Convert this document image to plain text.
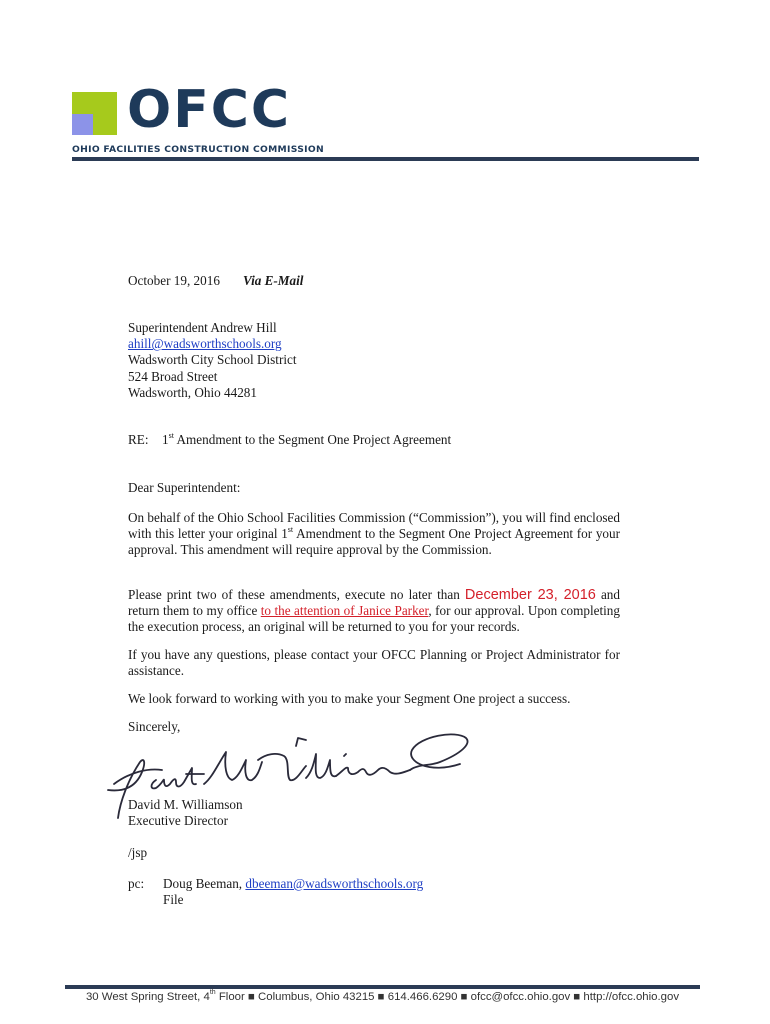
OFCC
OHIO FACILITIES CONSTRUCTION COMMISSION
October 19, 2016 Via E-Mail
Superintendent Andrew Hill
ahill@wadsworthschools.org
Wadsworth City School District
524 Broad Street
Wadsworth, Ohio 44281
RE: 1st Amendment to the Segment One Project Agreement
Dear Superintendent:
On behalf of the Ohio School Facilities Commission (“Commission”), you will find enclosed with this letter your original 1st Amendment to the Segment One Project Agreement for your approval. This amendment will require approval by the Commission.
Please print two of these amendments, execute no later than December 23, 2016 and return them to my office to the attention of Janice Parker, for our approval. Upon completing the execution process, an original will be returned to you for your records.
If you have any questions, please contact your OFCC Planning or Project Administrator for assistance.
We look forward to working with you to make your Segment One project a success.
Sincerely,
David M. Williamson
Executive Director
/jsp
pc: Doug Beeman, dbeeman@wadsworthschools.org
File
30 West Spring Street, 4th Floor ■ Columbus, Ohio 43215 ■ 614.466.6290 ■ ofcc@ofcc.ohio.gov ■ http://ofcc.ohio.gov
